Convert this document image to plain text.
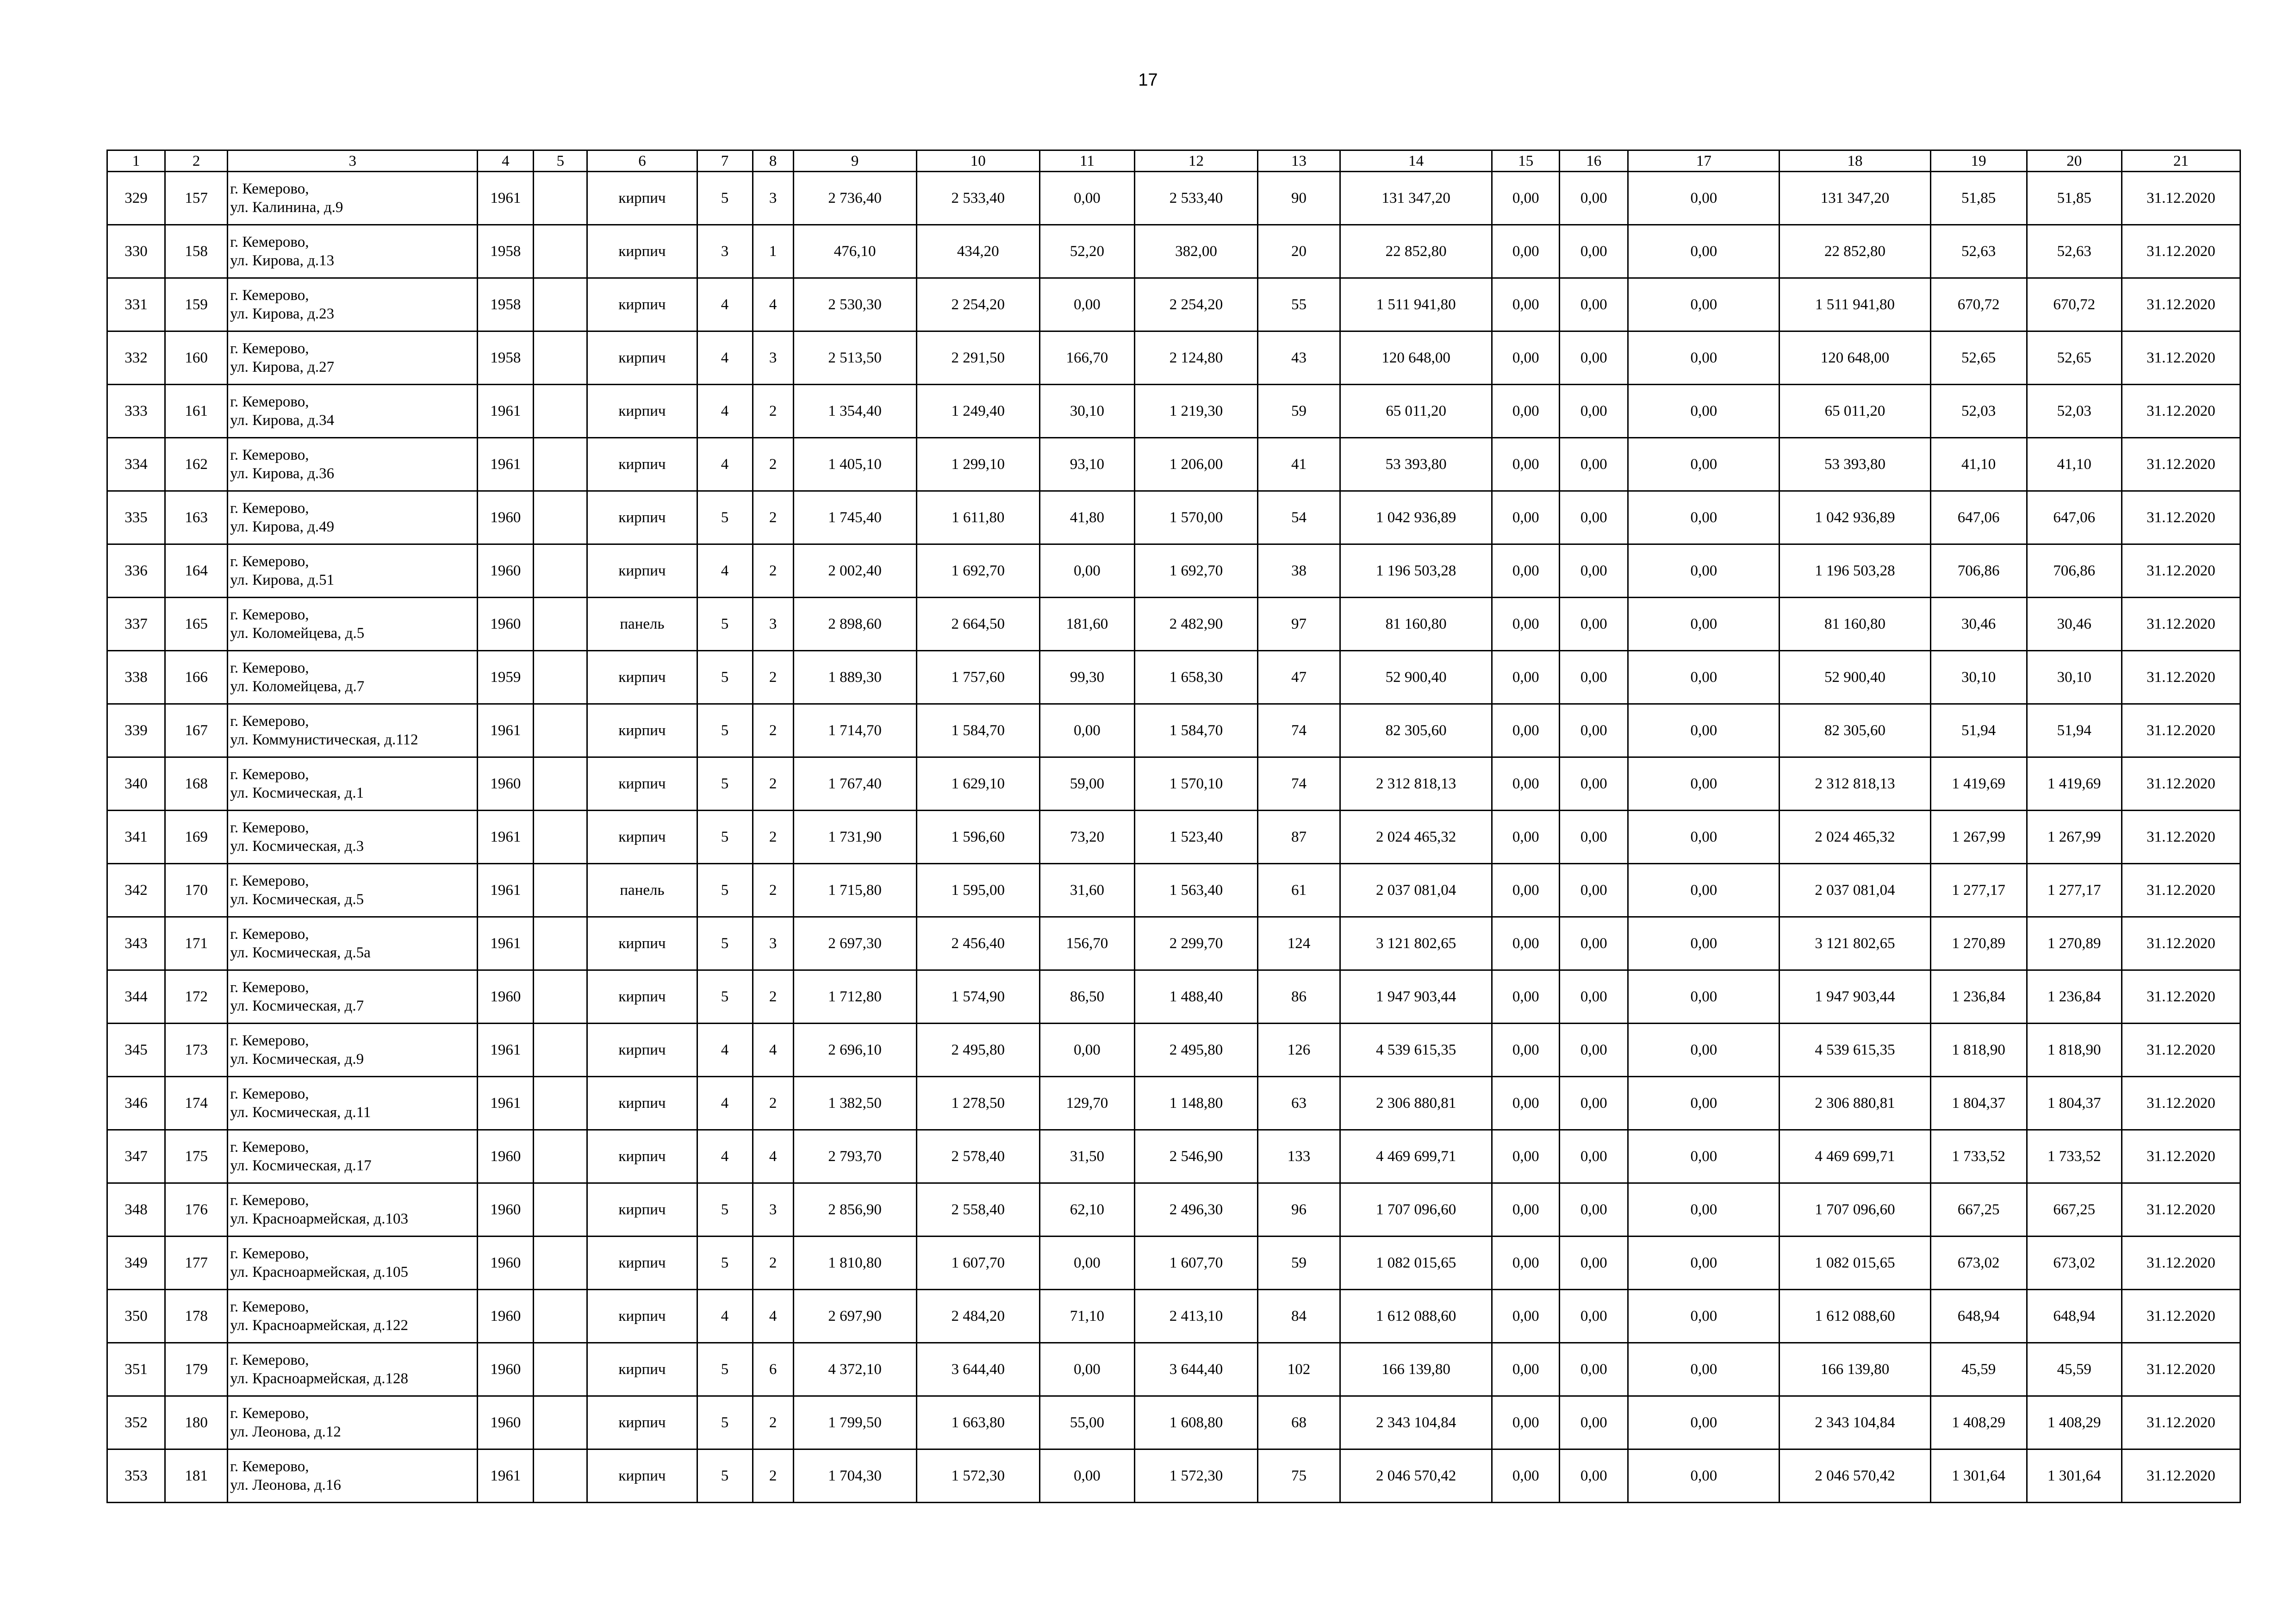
17
1	2	3	4	5	6	7	8	9	10	11	12	13	14	15	16	17	18	19	20	21
329	157	г. Кемерово,
ул. Калинина, д.9	1961		кирпич	5	3	2 736,40	2 533,40	0,00	2 533,40	90	131 347,20	0,00	0,00	0,00	131 347,20	51,85	51,85	31.12.2020
330	158	г. Кемерово,
ул. Кирова, д.13	1958		кирпич	3	1	476,10	434,20	52,20	382,00	20	22 852,80	0,00	0,00	0,00	22 852,80	52,63	52,63	31.12.2020
331	159	г. Кемерово,
ул. Кирова, д.23	1958		кирпич	4	4	2 530,30	2 254,20	0,00	2 254,20	55	1 511 941,80	0,00	0,00	0,00	1 511 941,80	670,72	670,72	31.12.2020
332	160	г. Кемерово,
ул. Кирова, д.27	1958		кирпич	4	3	2 513,50	2 291,50	166,70	2 124,80	43	120 648,00	0,00	0,00	0,00	120 648,00	52,65	52,65	31.12.2020
333	161	г. Кемерово,
ул. Кирова, д.34	1961		кирпич	4	2	1 354,40	1 249,40	30,10	1 219,30	59	65 011,20	0,00	0,00	0,00	65 011,20	52,03	52,03	31.12.2020
334	162	г. Кемерово,
ул. Кирова, д.36	1961		кирпич	4	2	1 405,10	1 299,10	93,10	1 206,00	41	53 393,80	0,00	0,00	0,00	53 393,80	41,10	41,10	31.12.2020
335	163	г. Кемерово,
ул. Кирова, д.49	1960		кирпич	5	2	1 745,40	1 611,80	41,80	1 570,00	54	1 042 936,89	0,00	0,00	0,00	1 042 936,89	647,06	647,06	31.12.2020
336	164	г. Кемерово,
ул. Кирова, д.51	1960		кирпич	4	2	2 002,40	1 692,70	0,00	1 692,70	38	1 196 503,28	0,00	0,00	0,00	1 196 503,28	706,86	706,86	31.12.2020
337	165	г. Кемерово,
ул. Коломейцева, д.5	1960		панель	5	3	2 898,60	2 664,50	181,60	2 482,90	97	81 160,80	0,00	0,00	0,00	81 160,80	30,46	30,46	31.12.2020
338	166	г. Кемерово,
ул. Коломейцева, д.7	1959		кирпич	5	2	1 889,30	1 757,60	99,30	1 658,30	47	52 900,40	0,00	0,00	0,00	52 900,40	30,10	30,10	31.12.2020
339	167	г. Кемерово,
ул. Коммунистическая, д.112	1961		кирпич	5	2	1 714,70	1 584,70	0,00	1 584,70	74	82 305,60	0,00	0,00	0,00	82 305,60	51,94	51,94	31.12.2020
340	168	г. Кемерово,
ул. Космическая, д.1	1960		кирпич	5	2	1 767,40	1 629,10	59,00	1 570,10	74	2 312 818,13	0,00	0,00	0,00	2 312 818,13	1 419,69	1 419,69	31.12.2020
341	169	г. Кемерово,
ул. Космическая, д.3	1961		кирпич	5	2	1 731,90	1 596,60	73,20	1 523,40	87	2 024 465,32	0,00	0,00	0,00	2 024 465,32	1 267,99	1 267,99	31.12.2020
342	170	г. Кемерово,
ул. Космическая, д.5	1961		панель	5	2	1 715,80	1 595,00	31,60	1 563,40	61	2 037 081,04	0,00	0,00	0,00	2 037 081,04	1 277,17	1 277,17	31.12.2020
343	171	г. Кемерово,
ул. Космическая, д.5а	1961		кирпич	5	3	2 697,30	2 456,40	156,70	2 299,70	124	3 121 802,65	0,00	0,00	0,00	3 121 802,65	1 270,89	1 270,89	31.12.2020
344	172	г. Кемерово,
ул. Космическая, д.7	1960		кирпич	5	2	1 712,80	1 574,90	86,50	1 488,40	86	1 947 903,44	0,00	0,00	0,00	1 947 903,44	1 236,84	1 236,84	31.12.2020
345	173	г. Кемерово,
ул. Космическая, д.9	1961		кирпич	4	4	2 696,10	2 495,80	0,00	2 495,80	126	4 539 615,35	0,00	0,00	0,00	4 539 615,35	1 818,90	1 818,90	31.12.2020
346	174	г. Кемерово,
ул. Космическая, д.11	1961		кирпич	4	2	1 382,50	1 278,50	129,70	1 148,80	63	2 306 880,81	0,00	0,00	0,00	2 306 880,81	1 804,37	1 804,37	31.12.2020
347	175	г. Кемерово,
ул. Космическая, д.17	1960		кирпич	4	4	2 793,70	2 578,40	31,50	2 546,90	133	4 469 699,71	0,00	0,00	0,00	4 469 699,71	1 733,52	1 733,52	31.12.2020
348	176	г. Кемерово,
ул. Красноармейская, д.103	1960		кирпич	5	3	2 856,90	2 558,40	62,10	2 496,30	96	1 707 096,60	0,00	0,00	0,00	1 707 096,60	667,25	667,25	31.12.2020
349	177	г. Кемерово,
ул. Красноармейская, д.105	1960		кирпич	5	2	1 810,80	1 607,70	0,00	1 607,70	59	1 082 015,65	0,00	0,00	0,00	1 082 015,65	673,02	673,02	31.12.2020
350	178	г. Кемерово,
ул. Красноармейская, д.122	1960		кирпич	4	4	2 697,90	2 484,20	71,10	2 413,10	84	1 612 088,60	0,00	0,00	0,00	1 612 088,60	648,94	648,94	31.12.2020
351	179	г. Кемерово,
ул. Красноармейская, д.128	1960		кирпич	5	6	4 372,10	3 644,40	0,00	3 644,40	102	166 139,80	0,00	0,00	0,00	166 139,80	45,59	45,59	31.12.2020
352	180	г. Кемерово,
ул. Леонова, д.12	1960		кирпич	5	2	1 799,50	1 663,80	55,00	1 608,80	68	2 343 104,84	0,00	0,00	0,00	2 343 104,84	1 408,29	1 408,29	31.12.2020
353	181	г. Кемерово,
ул. Леонова, д.16	1961		кирпич	5	2	1 704,30	1 572,30	0,00	1 572,30	75	2 046 570,42	0,00	0,00	0,00	2 046 570,42	1 301,64	1 301,64	31.12.2020
